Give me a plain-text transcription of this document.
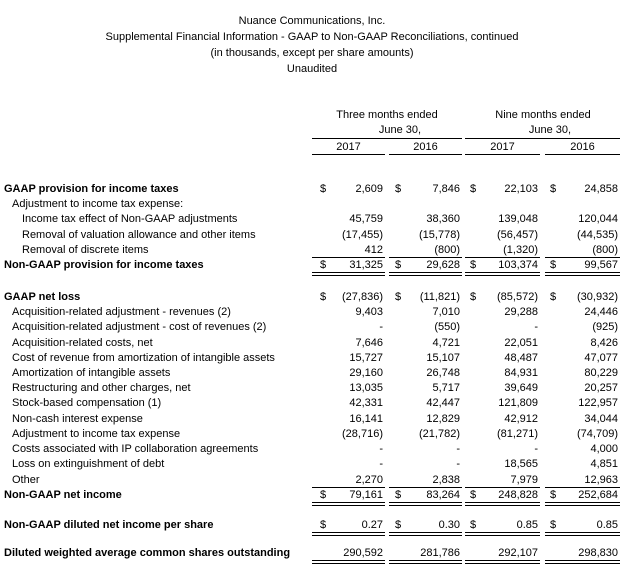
Nuance Communications, Inc.
Supplemental Financial Information - GAAP to Non-GAAP Reconciliations, continued
(in thousands, except per share amounts)
Unaudited
Three months ended
June 30,
Nine months ended
June 30,
2017	2016	2017	2016
GAAP provision for income taxes	$	2,609 $	7,846 $	22,103 $	24,858
Adjustment to income tax expense:
Income tax effect of Non-GAAP adjustments	45,759	38,360	139,048	120,044
Removal of valuation allowance and other items	(17,455)	(15,778)	(56,457)	(44,535)
Removal of discrete items	412	(800)	(1,320)	(800)
Non-GAAP provision for income taxes	$	31,325 $	29,628 $	103,374 $	99,567
GAAP net loss	$	(27,836) $	(11,821) $	(85,572) $	(30,932)
Acquisition-related adjustment - revenues (2)	9,403	7,010	29,288	24,446
Acquisition-related adjustment - cost of revenues (2)	-	(550)	-	(925)
Acquisition-related costs, net	7,646	4,721	22,051	8,426
Cost of revenue from amortization of intangible assets	15,727	15,107	48,487	47,077
Amortization of intangible assets	29,160	26,748	84,931	80,229
Restructuring and other charges, net	13,035	5,717	39,649	20,257
Stock-based compensation (1)	42,331	42,447	121,809	122,957
Non-cash interest expense	16,141	12,829	42,912	34,044
Adjustment to income tax expense	(28,716)	(21,782)	(81,271)	(74,709)
Costs associated with IP collaboration agreements	-	-	-	4,000
Loss on extinguishment of debt	-	-	18,565	4,851
Other	2,270	2,838	7,979	12,963
Non-GAAP net income	$	79,161 $	83,264 $	248,828 $	252,684
Non-GAAP diluted net income per share	$	0.27 $	0.30 $	0.85 $	0.85
Diluted weighted average common shares outstanding	290,592	281,786	292,107	298,830
